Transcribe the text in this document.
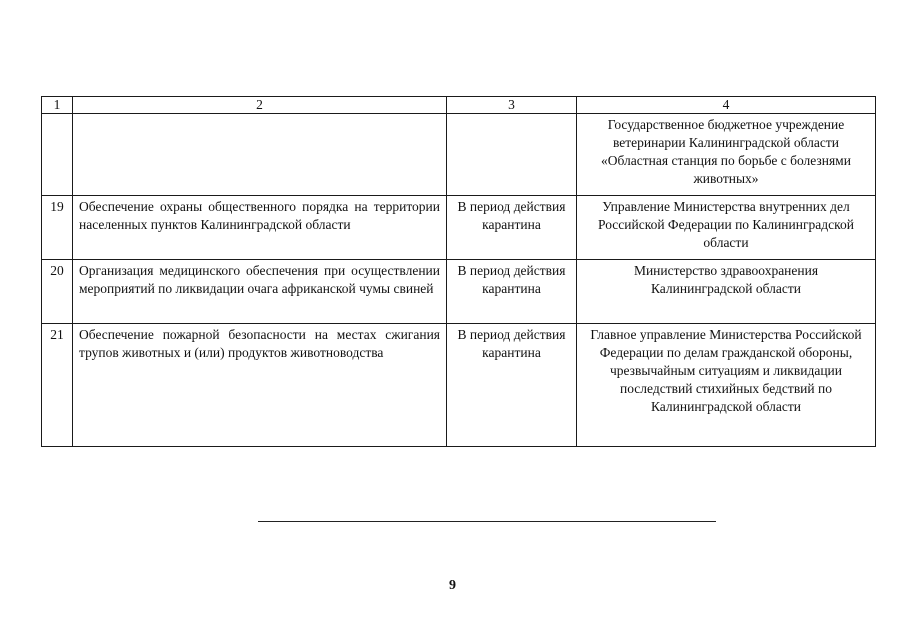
1	2	3	4
			Государственное бюджетное учреждение ветеринарии Калининградской области «Областная станция по борьбе с болезнями животных»
19	Обеспечение охраны общественного порядка на территории населенных пунктов Калининградской области	В период действия карантина	Управление Министерства внутренних дел Российской Федерации по Калининградской области
20	Организация медицинского обеспечения при осуществлении мероприятий по ликвидации очага африканской чумы свиней	В период действия карантина	Министерство здравоохранения Калининградской области
21	Обеспечение пожарной безопасности на местах сжигания трупов животных и (или) продуктов животноводства	В период действия карантина	Главное управление Министерства Российской Федерации по делам гражданской обороны, чрезвычайным ситуациям и ликвидации последствий стихийных бедствий по Калининградской области
9
